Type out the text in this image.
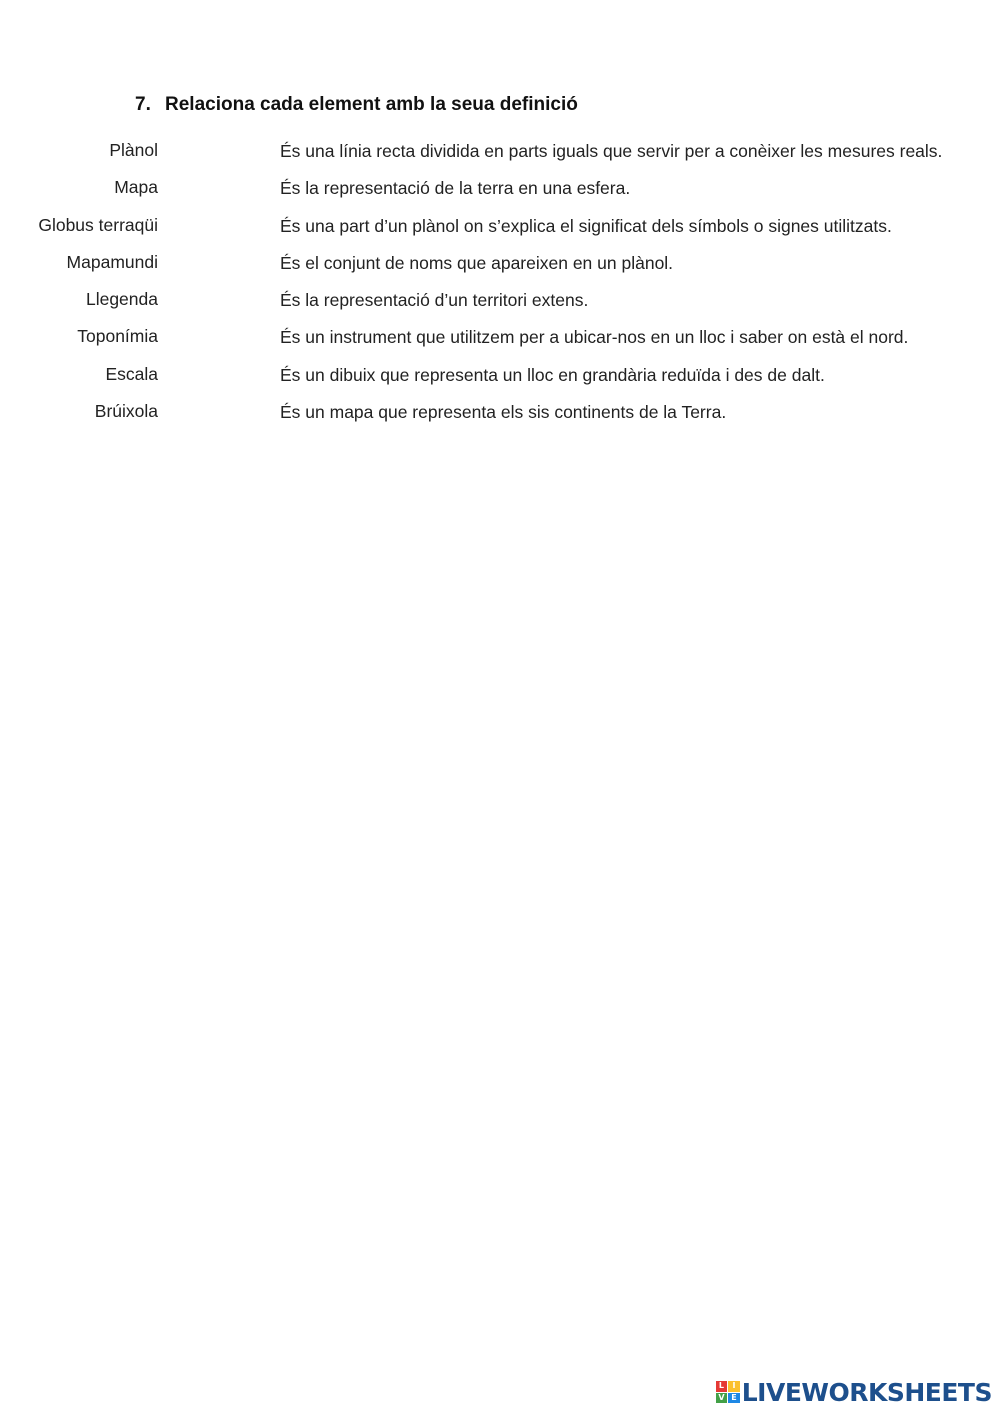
7. Relaciona cada element amb la seua definició
Plànol
Mapa
Globus terraqüi
Mapamundi
Llegenda
Toponímia
Escala
Brúixola
És una línia recta dividida en parts iguals que servir per a conèixer les mesures reals.
És la representació de la terra en una esfera.
És una part d’un plànol on s’explica el significat dels símbols o signes utilitzats.
És el conjunt de noms que apareixen en un plànol.
És la representació d’un territori extens.
És un instrument que utilitzem per a ubicar-nos en un lloc i saber on està el nord.
És un dibuix que representa un lloc en grandària reduïda i des de dalt.
És un mapa que representa els sis continents de la Terra.
L	I
V E LIVEWORKSHEETS
